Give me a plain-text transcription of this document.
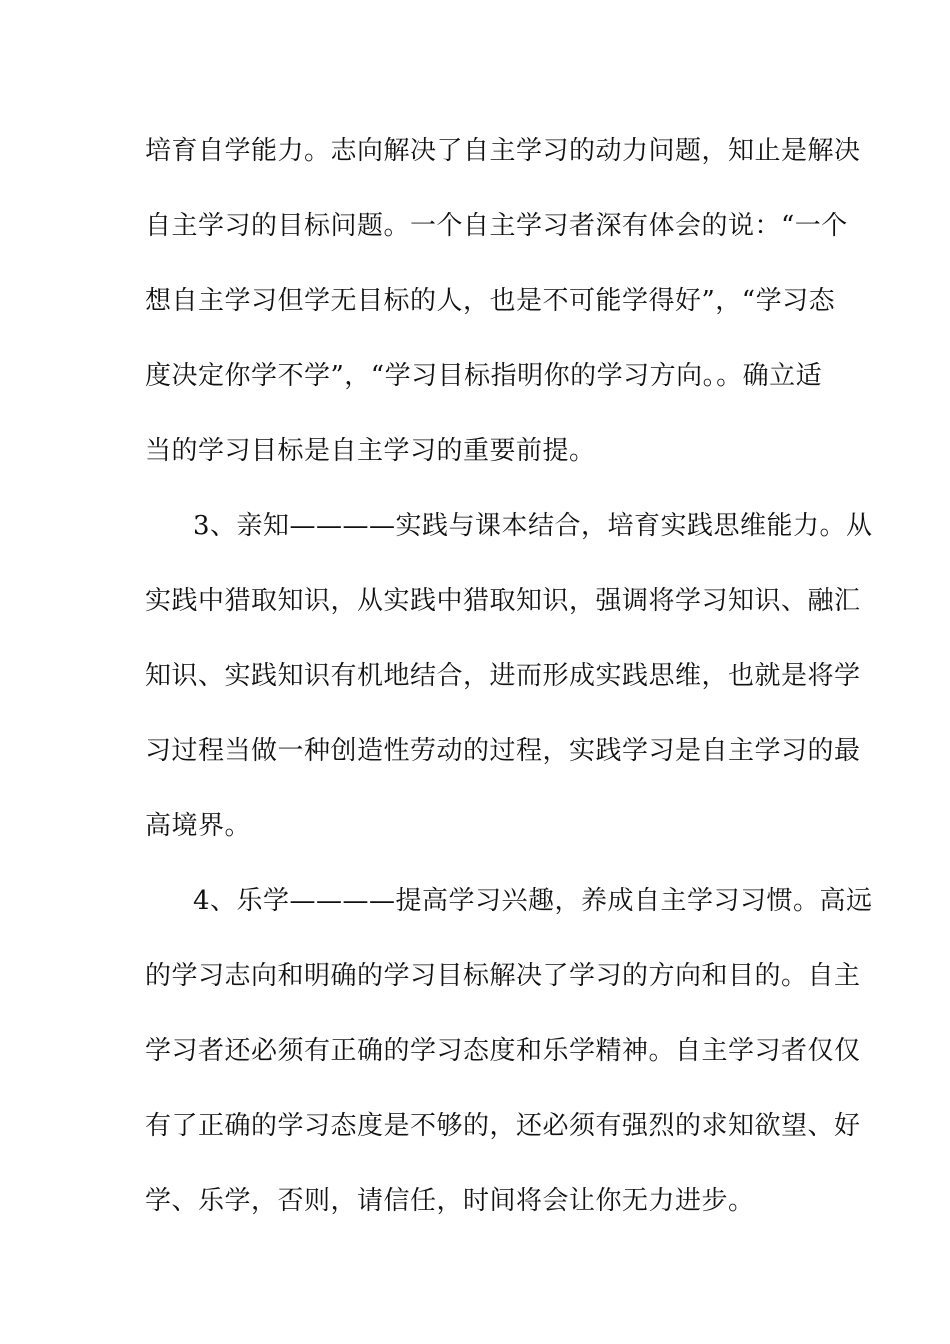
培育自学能力。志向解决了自主学习的动力问题，知止是解决
自主学习的目标问题。一个自主学习者深有体会的说：“一个
想自主学习但学无目标的人，也是不可能学得好”，“学习态
度决定你学不学”，“学习目标指明你的学习方向。。确立适
当的学习目标是自主学习的重要前提。
3、亲知————实践与课本结合，培育实践思维能力。从
实践中猎取知识，从实践中猎取知识，强调将学习知识、融汇
知识、实践知识有机地结合，进而形成实践思维，也就是将学
习过程当做一种创造性劳动的过程，实践学习是自主学习的最
高境界。
4、乐学————提高学习兴趣，养成自主学习习惯。高远
的学习志向和明确的学习目标解决了学习的方向和目的。自主
学习者还必须有正确的学习态度和乐学精神。自主学习者仅仅
有了正确的学习态度是不够的，还必须有强烈的求知欲望、好
学、乐学，否则，请信任，时间将会让你无力进步。
